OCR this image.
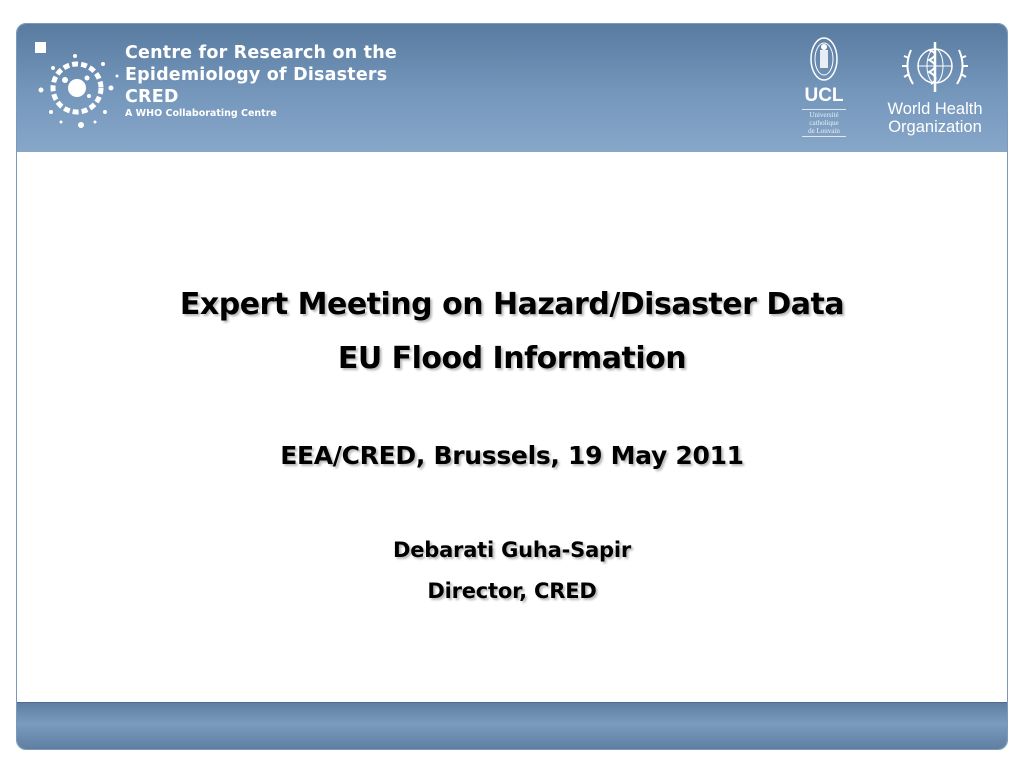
Centre for Research on the
Epidemiology of Disasters
CRED
A WHO Collaborating Centre
UCL
Université
catholique
de Louvain
World Health
Organization
Expert Meeting on Hazard/Disaster Data
EU Flood Information
EEA/CRED, Brussels, 19 May 2011
Debarati Guha-Sapir
Director, CRED
